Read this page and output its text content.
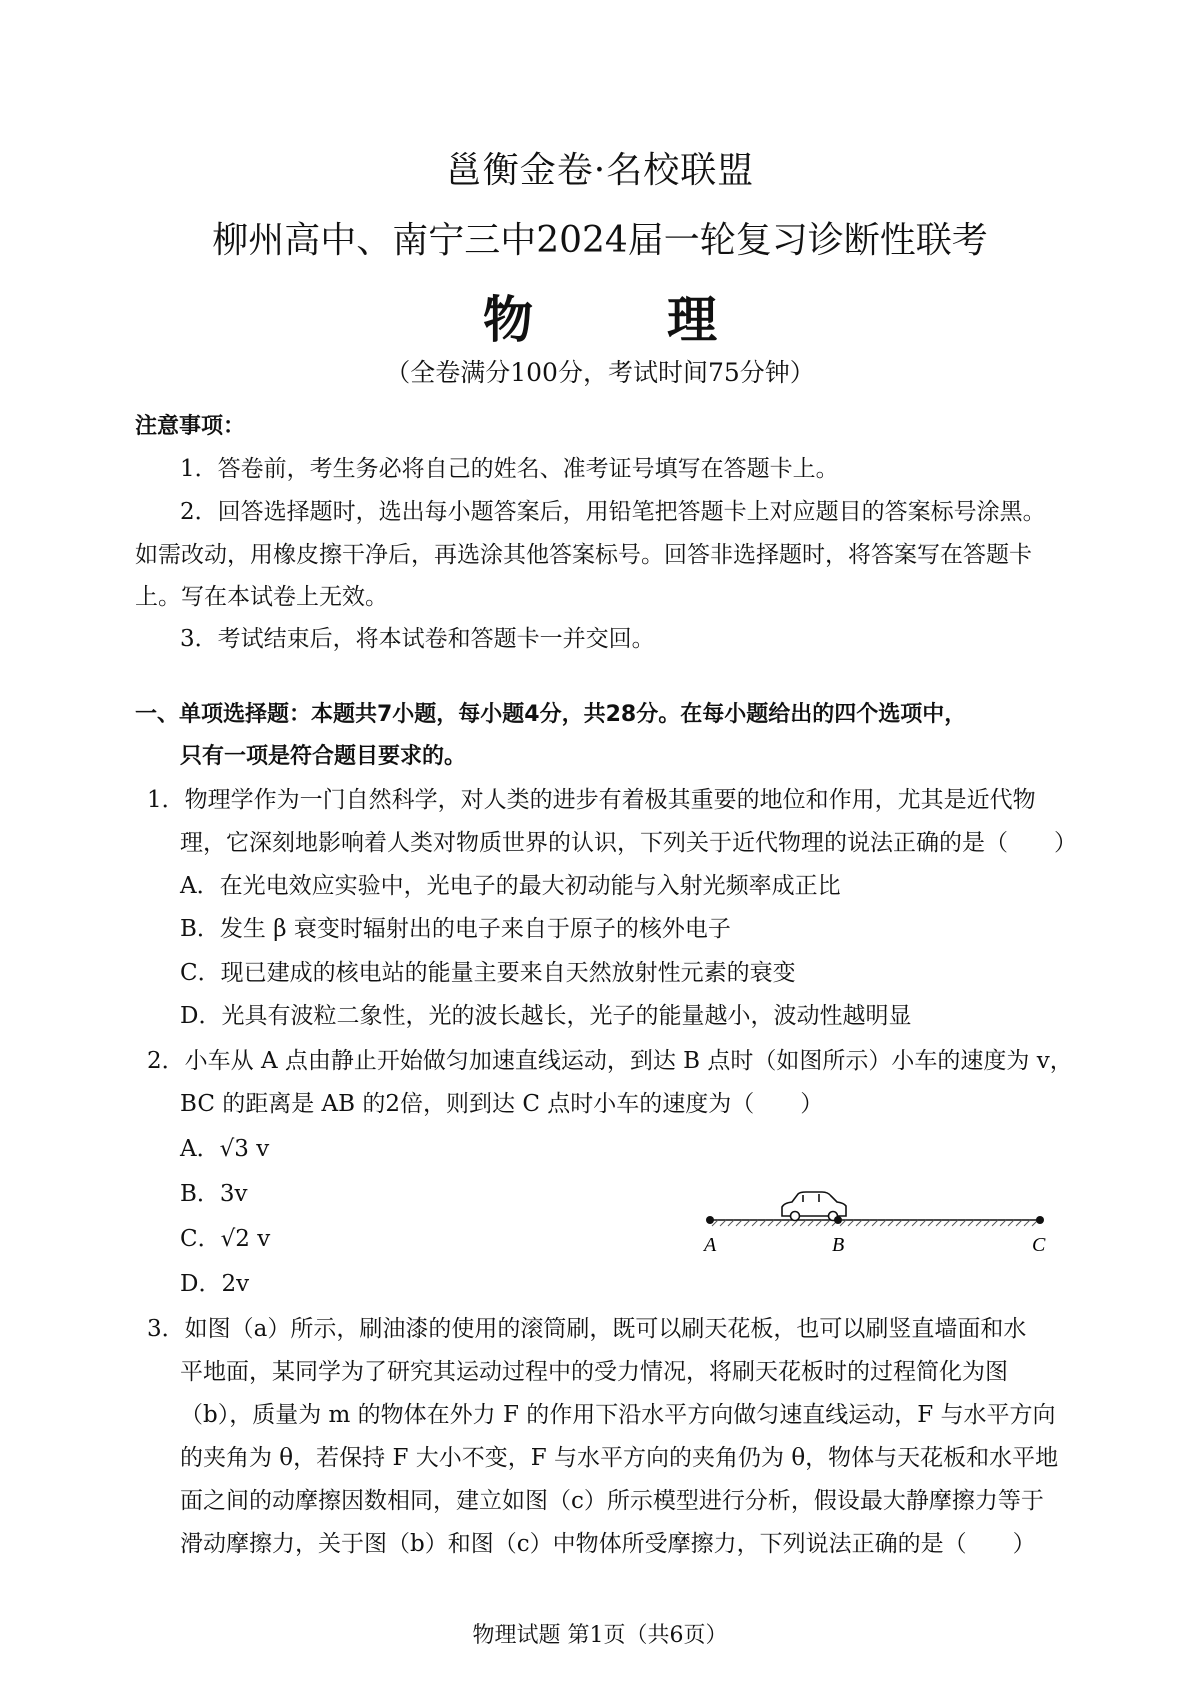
邕衡金卷·名校联盟
柳州高中、南宁三中2024届一轮复习诊断性联考
物　理
（全卷满分100分，考试时间75分钟）
注意事项：
1．答卷前，考生务必将自己的姓名、准考证号填写在答题卡上。
2．回答选择题时，选出每小题答案后，用铅笔把答题卡上对应题目的答案标号涂黑。
如需改动，用橡皮擦干净后，再选涂其他答案标号。回答非选择题时，将答案写在答题卡
上。写在本试卷上无效。
3．考试结束后，将本试卷和答题卡一并交回。
一、单项选择题：本题共7小题，每小题4分，共28分。在每小题给出的四个选项中，
只有一项是符合题目要求的。
1．物理学作为一门自然科学，对人类的进步有着极其重要的地位和作用，尤其是近代物
理，它深刻地影响着人类对物质世界的认识，下列关于近代物理的说法正确的是（　　）
A．在光电效应实验中，光电子的最大初动能与入射光频率成正比
B．发生 β 衰变时辐射出的电子来自于原子的核外电子
C．现已建成的核电站的能量主要来自天然放射性元素的衰变
D．光具有波粒二象性，光的波长越长，光子的能量越小，波动性越明显
2．小车从 A 点由静止开始做匀加速直线运动，到达 B 点时（如图所示）小车的速度为 v，
BC 的距离是 AB 的2倍，则到达 C 点时小车的速度为（　　）
A．√3 v
B．3v
C．√2 v
D．2v
A	B	C
3．如图（a）所示，刷油漆的使用的滚筒刷，既可以刷天花板，也可以刷竖直墙面和水
平地面，某同学为了研究其运动过程中的受力情况，将刷天花板时的过程简化为图
（b），质量为 m 的物体在外力 F 的作用下沿水平方向做匀速直线运动，F 与水平方向
的夹角为 θ，若保持 F 大小不变，F 与水平方向的夹角仍为 θ，物体与天花板和水平地
面之间的动摩擦因数相同，建立如图（c）所示模型进行分析，假设最大静摩擦力等于
滑动摩擦力，关于图（b）和图（c）中物体所受摩擦力，下列说法正确的是（　　）
物理试题 第1页（共6页）
